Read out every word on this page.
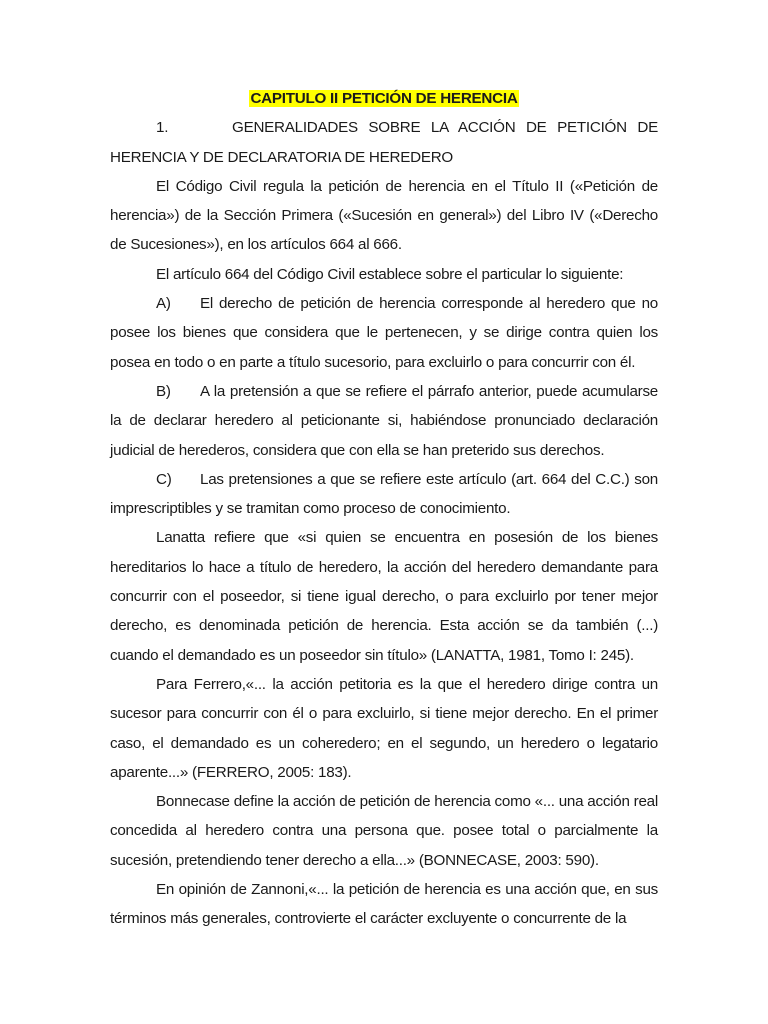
CAPITULO II PETICIÓN DE HERENCIA

1.	GENERALIDADES SOBRE LA ACCIÓN DE PETICIÓN DE HERENCIA Y DE DECLARATORIA DE HEREDERO

El Código Civil regula la petición de herencia en el Título II («Petición de herencia») de la Sección Primera («Sucesión en general») del Libro IV («Derecho de Sucesiones»), en los artículos 664 al 666.

El artículo 664 del Código Civil establece sobre el particular lo siguiente:

A) El derecho de petición de herencia corresponde al heredero que no posee los bienes que considera que le pertenecen, y se dirige contra quien los posea en todo o en parte a título sucesorio, para excluirlo o para concurrir con él.

B) A la pretensión a que se refiere el párrafo anterior, puede acumularse la de declarar heredero al peticionante si, habiéndose pronunciado declaración judicial de herederos, considera que con ella se han preterido sus derechos.

C) Las pretensiones a que se refiere este artículo (art. 664 del C.C.) son imprescriptibles y se tramitan como proceso de conocimiento.

Lanatta refiere que «si quien se encuentra en posesión de los bienes hereditarios lo hace a título de heredero, la acción del heredero demandante para concurrir con el poseedor, si tiene igual derecho, o para excluirlo por tener mejor derecho, es denominada petición de herencia. Esta acción se da también (...) cuando el demandado es un poseedor sin título» (LANATTA, 1981, Tomo I: 245).

Para Ferrero,«... la acción petitoria es la que el heredero dirige contra un sucesor para concurrir con él o para excluirlo, si tiene mejor derecho. En el primer caso, el demandado es un coheredero; en el segundo, un heredero o legatario aparente...» (FERRERO, 2005: 183).

Bonnecase define la acción de petición de herencia como «... una acción real concedida al heredero contra una persona que. posee total o parcialmente la sucesión, pretendiendo tener derecho a ella...» (BONNECASE, 2003: 590).

En opinión de Zannoni,«... la petición de herencia es una acción que, en sus términos más generales, controvierte el carácter excluyente o concurrente de la
